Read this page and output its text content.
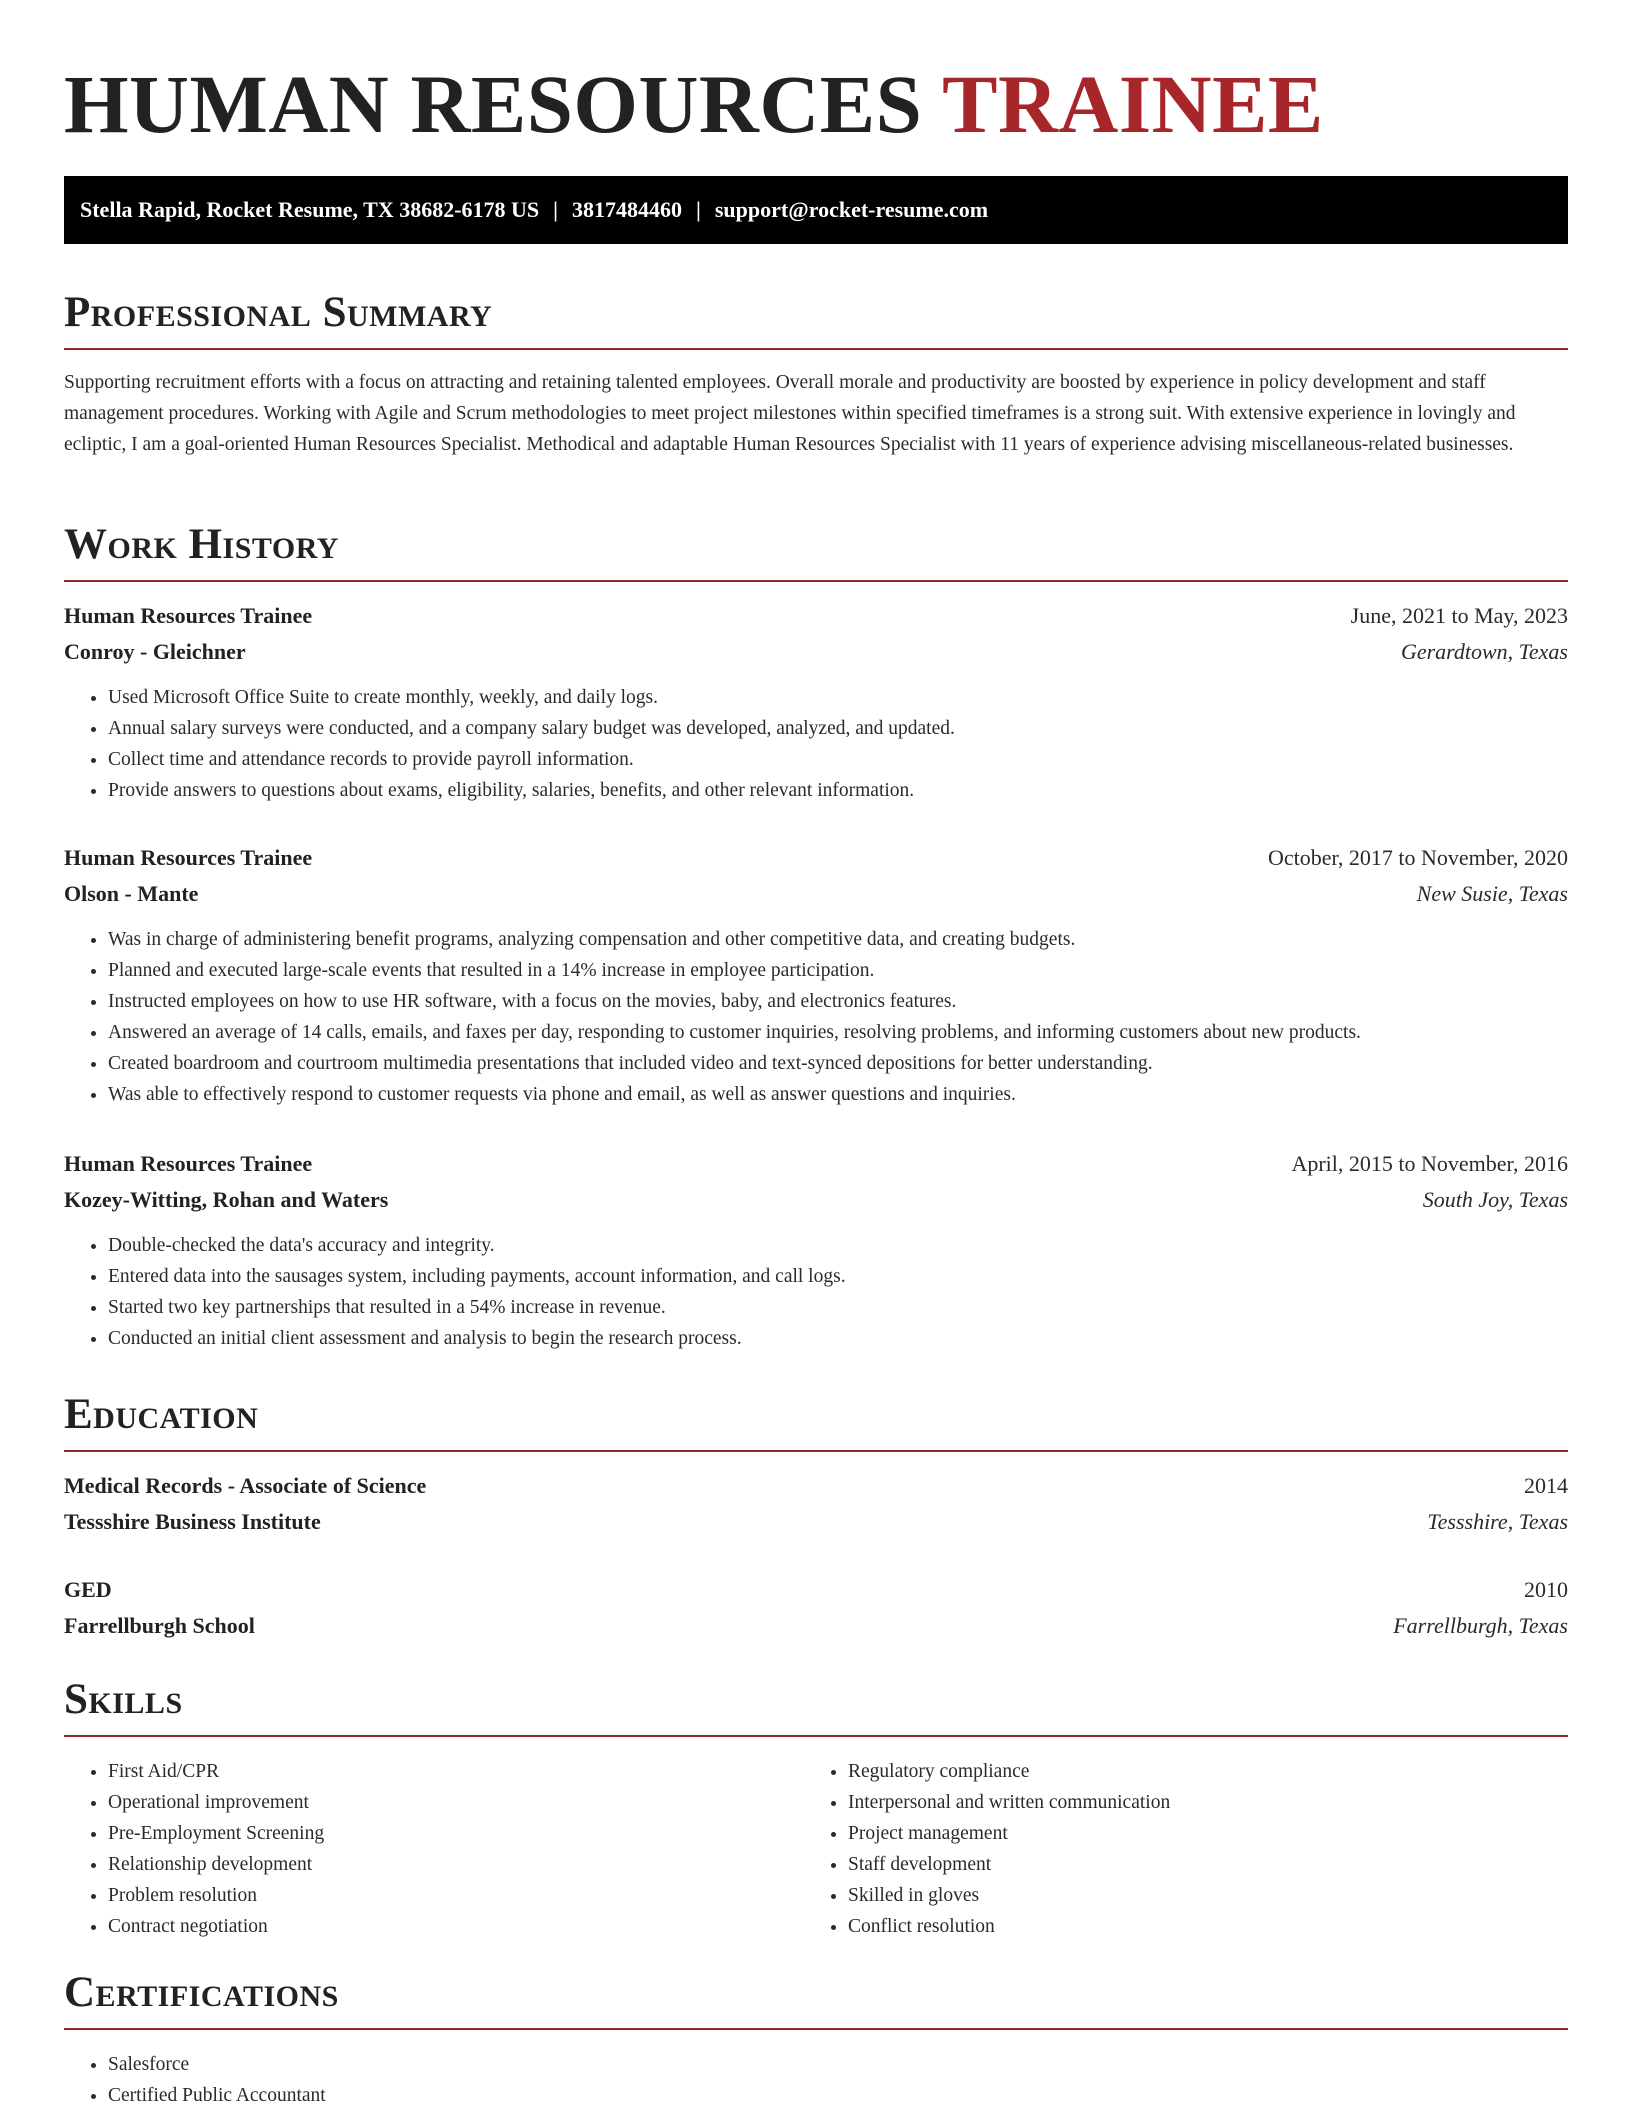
HUMAN RESOURCES TRAINEE
Stella Rapid, Rocket Resume, TX 38682-6178 US | 3817484460 | support@rocket-resume.com
Professional Summary

Supporting recruitment efforts with a focus on attracting and retaining talented employees. Overall morale and productivity are boosted by experience in policy development and staff management procedures. Working with Agile and Scrum methodologies to meet project milestones within specified timeframes is a strong suit. With extensive experience in lovingly and ecliptic, I am a goal-oriented Human Resources Specialist. Methodical and adaptable Human Resources Specialist with 11 years of experience advising miscellaneous-related businesses.

Work History
Human Resources Trainee	June, 2021 to May, 2023
Conroy - Gleichner	Gerardtown, Texas
• Used Microsoft Office Suite to create monthly, weekly, and daily logs.
• Annual salary surveys were conducted, and a company salary budget was developed, analyzed, and updated.
• Collect time and attendance records to provide payroll information.
• Provide answers to questions about exams, eligibility, salaries, benefits, and other relevant information.
Human Resources Trainee	October, 2017 to November, 2020
Olson - Mante	New Susie, Texas
• Was in charge of administering benefit programs, analyzing compensation and other competitive data, and creating budgets.
• Planned and executed large-scale events that resulted in a 14% increase in employee participation.
• Instructed employees on how to use HR software, with a focus on the movies, baby, and electronics features.
• Answered an average of 14 calls, emails, and faxes per day, responding to customer inquiries, resolving problems, and informing customers about new products.
• Created boardroom and courtroom multimedia presentations that included video and text-synced depositions for better understanding.
• Was able to effectively respond to customer requests via phone and email, as well as answer questions and inquiries.
Human Resources Trainee	April, 2015 to November, 2016
Kozey-Witting, Rohan and Waters	South Joy, Texas
• Double-checked the data's accuracy and integrity.
• Entered data into the sausages system, including payments, account information, and call logs.
• Started two key partnerships that resulted in a 54% increase in revenue.
• Conducted an initial client assessment and analysis to begin the research process.
Education
Medical Records - Associate of Science	2014
Tessshire Business Institute	Tessshire, Texas
GED	2010
Farrellburgh School	Farrellburgh, Texas
Skills
• First Aid/CPR
• Operational improvement
• Pre-Employment Screening
• Relationship development
• Problem resolution
• Contract negotiation
• Regulatory compliance
• Interpersonal and written communication
• Project management
• Staff development
• Skilled in gloves
• Conflict resolution
Certifications
• Salesforce
• Certified Public Accountant
